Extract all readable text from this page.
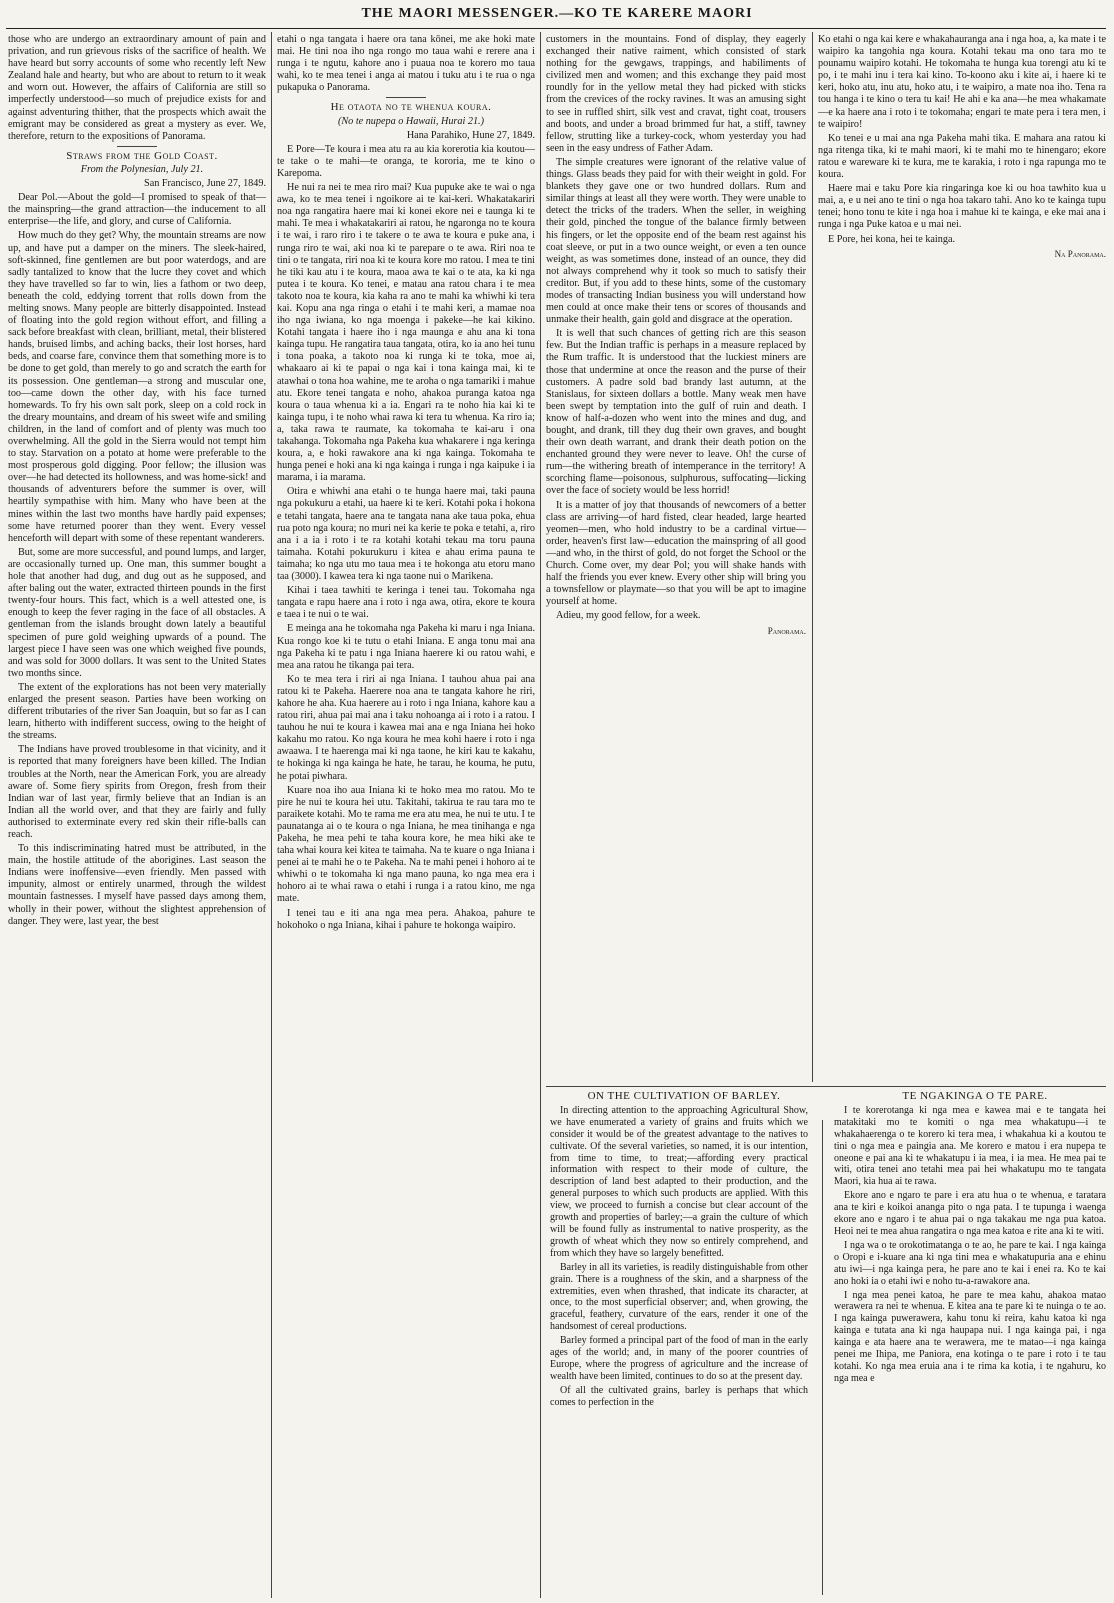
THE MAORI MESSENGER.—KO TE KARERE MAORI

those who are undergo an extraordinary amount of pain and privation, and run grievous risks of the sacrifice of health. We have heard but sorry accounts of some who recently left New Zealand hale and hearty, but who are about to return to it weak and worn out. However, the affairs of California are still so imperfectly understood—so much of prejudice exists for and against adventuring thither, that the prospects which await the emigrant may be considered as great a mystery as ever. We, therefore, return to the expositions of Panorama.

Straws from the Gold Coast.

From the Polynesian, July 21.

San Francisco, June 27, 1849.

Dear Pol.—About the gold—I promised to speak of that—the mainspring—the grand attraction—the inducement to all enterprise—the life, and glory, and curse of California.

How much do they get? Why, the mountain streams are now up, and have put a damper on the miners. The sleek-haired, soft-skinned, fine gentlemen are but poor waterdogs, and are sadly tantalized to know that the lucre they covet and which they have travelled so far to win, lies a fathom or two deep, beneath the cold, eddying torrent that rolls down from the melting snows. Many people are bitterly disappointed. Instead of floating into the gold region without effort, and filling a sack before breakfast with clean, brilliant, metal, their blistered hands, bruised limbs, and aching backs, their lost horses, hard beds, and coarse fare, convince them that something more is to be done to get gold, than merely to go and scratch the earth for its possession. One gentleman—a strong and muscular one, too—came down the other day, with his face turned homewards. To fry his own salt pork, sleep on a cold rock in the dreary mountains, and dream of his sweet wife and smiling children, in the land of comfort and of plenty was much too overwhelming. All the gold in the Sierra would not tempt him to stay. Starvation on a potato at home were preferable to the most prosperous gold digging. Poor fellow; the illusion was over—he had detected its hollowness, and was home-sick! and thousands of adventurers before the summer is over, will heartily sympathise with him. Many who have been at the mines within the last two months have hardly paid expenses; some have returned poorer than they went. Every vessel henceforth will depart with some of these repentant wanderers.

But, some are more successful, and pound lumps, and larger, are occasionally turned up. One man, this summer bought a hole that another had dug, and dug out as he supposed, and after baling out the water, extracted thirteen pounds in the first twenty-four hours. This fact, which is a well attested one, is enough to keep the fever raging in the face of all obstacles. A gentleman from the islands brought down lately a beautiful specimen of pure gold weighing upwards of a pound. The largest piece I have seen was one which weighed five pounds, and was sold for 3000 dollars. It was sent to the United States two months since.

The extent of the explorations has not been very materially enlarged the present season. Parties have been working on different tributaries of the river San Joaquin, but so far as I can learn, hitherto with indifferent success, owing to the height of the streams.

The Indians have proved troublesome in that vicinity, and it is reported that many foreigners have been killed. The Indian troubles at the North, near the American Fork, you are already aware of. Some fiery spirits from Oregon, fresh from their Indian war of last year, firmly believe that an Indian is an Indian all the world over, and that they are fairly and fully authorised to exterminate every red skin their rifle-balls can reach.

To this indiscriminating hatred must be attributed, in the main, the hostile attitude of the aborigines. Last season the Indians were inoffensive—even friendly. Men passed with impunity, almost or entirely unarmed, through the wildest mountain fastnesses. I myself have passed days among them, wholly in their power, without the slightest apprehension of danger. They were, last year, the best

etahi o nga tangata i haere ora tana kōnei, me ake hoki mate mai. He tini noa iho nga rongo mo taua wahi e rerere ana i runga i te ngutu, kahore ano i puaua noa te korero mo taua wahi, ko te mea tenei i anga ai matou i tuku atu i te rua o nga pukapuka o Panorama.

He otaota no te whenua koura.

(No te nupepa o Hawaii, Hurai 21.)

Hana Parahiko, Hune 27, 1849.

E Pore—Te koura i mea atu ra au kia korerotia kia koutou—te take o te mahi—te oranga, te kororia, me te kino o Karepoma.

He nui ra nei te mea riro mai? Kua pupuke ake te wai o nga awa, ko te mea tenei i ngoikore ai te kai-keri. Whakatakariri noa nga rangatira haere mai ki konei ekore nei e taunga ki te mahi. Te mea i whakatakariri ai ratou, he ngaronga no te koura i te wai, i raro riro i te takere o te awa te koura e puke ana, i runga riro te wai, aki noa ki te parepare o te awa. Riri noa te tini o te tangata, riri noa ki te koura kore mo ratou. I mea te tini he tiki kau atu i te koura, maoa awa te kai o te ata, ka ki nga putea i te koura. Ko tenei, e matau ana ratou chara i te mea takoto noa te koura, kia kaha ra ano te mahi ka whiwhi ki tera kai. Kopu ana nga ringa o etahi i te mahi keri, a mamae noa iho nga iwiana, ko nga moenga i pakeke—he kai kikino. Kotahi tangata i haere iho i nga maunga e ahu ana ki tona kainga tupu. He rangatira taua tangata, otira, ko ia ano hei tunu i tona poaka, a takoto noa ki runga ki te toka, moe ai, whakaaro ai ki te papai o nga kai i tona kainga mai, ki te atawhai o tona hoa wahine, me te aroha o nga tamariki i mahue atu. Ekore tenei tangata e noho, ahakoa puranga katoa nga koura o taua whenua ki a ia. Engari ra te noho hia kai ki te kainga tupu, i te noho whai rawa ki tera tu whenua. Ka riro ia; a, taka rawa te raumate, ka tokomaha te kai-aru i ona takahanga. Tokomaha nga Pakeha kua whakarere i nga keringa koura, a, e hoki rawakore ana ki nga kainga. Tokomaha te hunga penei e hoki ana ki nga kainga i runga i nga kaipuke i ia marama, i ia marama.

Otira e whiwhi ana etahi o te hunga haere mai, taki pauna nga pokukuru a etahi, ua haere ki te keri. Kotahi poka i hokona e tetahi tangata, haere ana te tangata nana ake taua poka, ehua rua poto nga koura; no muri nei ka kerie te poka e tetahi, a, riro ana i a ia i roto i te ra kotahi kotahi tekau ma toru pauna taimaha. Kotahi pokurukuru i kitea e ahau erima pauna te taimaha; ko nga utu mo taua mea i te hokonga atu etoru mano taa (3000). I kawea tera ki nga taone nui o Marikena.

Kihai i taea tawhiti te keringa i tenei tau. Tokomaha nga tangata e rapu haere ana i roto i nga awa, otira, ekore te koura e taea i te nui o te wai.

E meinga ana he tokomaha nga Pakeha ki maru i nga Iniana. Kua rongo koe ki te tutu o etahi Iniana. E anga tonu mai ana nga Pakeha ki te patu i nga Iniana haerere ki ou ratou wahi, e mea ana ratou he tikanga pai tera.

Ko te mea tera i riri ai nga Iniana. I tauhou ahua pai ana ratou ki te Pakeha. Haerere noa ana te tangata kahore he riri, kahore he aha. Kua haerere au i roto i nga Iniana, kahore kau a ratou riri, ahua pai mai ana i taku nohoanga ai i roto i a ratou. I tauhou he nui te koura i kawea mai ana e nga Iniana hei hoko kakahu mo ratou. Ko nga koura he mea kohi haere i roto i nga awaawa. I te haerenga mai ki nga taone, he kiri kau te kakahu, te hokinga ki nga kainga he hate, he tarau, he kouma, he putu, he potai piwhara.

Kuare noa iho aua Iniana ki te hoko mea mo ratou. Mo te pire he nui te koura hei utu. Takitahi, takirua te rau tara mo te paraikete kotahi. Mo te rama me era atu mea, he nui te utu. I te paunatanga ai o te koura o nga Iniana, he mea tinihanga e nga Pakeha, he mea pehi te taha koura kore, he mea hiki ake te taha whai koura kei kitea te taimaha. Na te kuare o nga Iniana i penei ai te mahi he o te Pakeha. Na te mahi penei i hohoro ai te whiwhi o te tokomaha ki nga mano pauna, ko nga mea era i hohoro ai te whai rawa o etahi i runga i a ratou kino, me nga mate.

I tenei tau e iti ana nga mea pera. Ahakoa, pahure te hokohoko o nga Iniana, kihai i pahure te hokonga waipiro.

customers in the mountains. Fond of display, they eagerly exchanged their native raiment, which consisted of stark nothing for the gewgaws, trappings, and habiliments of civilized men and women; and this exchange they paid most roundly for in the yellow metal they had picked with sticks from the crevices of the rocky ravines. It was an amusing sight to see in ruffled shirt, silk vest and cravat, tight coat, trousers and boots, and under a broad brimmed fur hat, a stiff, tawney fellow, strutting like a turkey-cock, whom yesterday you had seen in the easy undress of Father Adam.

The simple creatures were ignorant of the relative value of things. Glass beads they paid for with their weight in gold. For blankets they gave one or two hundred dollars. Rum and similar things at least all they were worth. They were unable to detect the tricks of the traders. When the seller, in weighing their gold, pinched the tongue of the balance firmly between his fingers, or let the opposite end of the beam rest against his coat sleeve, or put in a two ounce weight, or even a ten ounce weight, as was sometimes done, instead of an ounce, they did not always comprehend why it took so much to satisfy their creditor. But, if you add to these hints, some of the customary modes of transacting Indian business you will understand how men could at once make their tens or scores of thousands and unmake their health, gain gold and disgrace at the operation.

It is well that such chances of getting rich are this season few. But the Indian traffic is perhaps in a measure replaced by the Rum traffic. It is understood that the luckiest miners are those that undermine at once the reason and the purse of their customers. A padre sold bad brandy last autumn, at the Stanislaus, for sixteen dollars a bottle. Many weak men have been swept by temptation into the gulf of ruin and death. I know of half-a-dozen who went into the mines and dug, and bought, and drank, till they dug their own graves, and bought their own death warrant, and drank their death potion on the enchanted ground they were never to leave. Oh! the curse of rum—the withering breath of intemperance in the territory! A scorching flame—poisonous, sulphurous, suffocating—licking over the face of society would be less horrid!

It is a matter of joy that thousands of newcomers of a better class are arriving—of hard fisted, clear headed, large hearted yeomen—men, who hold industry to be a cardinal virtue—order, heaven's first law—education the mainspring of all good—and who, in the thirst of gold, do not forget the School or the Church. Come over, my dear Pol; you will shake hands with half the friends you ever knew. Every other ship will bring you a townsfellow or playmate—so that you will be apt to imagine yourself at home.

Adieu, my good fellow, for a week.

Panorama.

Ko etahi o nga kai kere e whakahauranga ana i nga hoa, a, ka mate i te waipiro ka tangohia nga koura. Kotahi tekau ma ono tara mo te pounamu waipiro kotahi. He tokomaha te hunga kua torengi atu ki te po, i te mahi inu i tera kai kino. To-koono aku i kite ai, i haere ki te keri, hoko atu, inu atu, hoko atu, i te waipiro, a mate noa iho. Tena ra tou hanga i te kino o tera tu kai! He ahi e ka ana—he mea whakamate—e ka haere ana i roto i te tokomaha; engari te mate pera i tera men, i te waipiro!

Ko tenei e u mai ana nga Pakeha mahi tika. E mahara ana ratou ki nga ritenga tika, ki te mahi maori, ki te mahi mo te hinengaro; ekore ratou e wareware ki te kura, me te karakia, i roto i nga rapunga mo te koura.

Haere mai e taku Pore kia ringaringa koe ki ou hoa tawhito kua u mai, a, e u nei ano te tini o nga hoa takaro tahi. Ano ko te kainga tupu tenei; hono tonu te kite i nga hoa i mahue ki te kainga, e eke mai ana i runga i nga Puke katoa e u mai nei.

E Pore, hei kona, hei te kainga.

Na Panorama.

ON THE CULTIVATION OF BARLEY.

In directing attention to the approaching Agricultural Show, we have enumerated a variety of grains and fruits which we consider it would be of the greatest advantage to the natives to cultivate. Of the several varieties, so named, it is our intention, from time to time, to treat;—affording every practical information with respect to their mode of culture, the description of land best adapted to their production, and the general purposes to which such products are applied. With this view, we proceed to furnish a concise but clear account of the growth and properties of barley;—a grain the culture of which will be found fully as instrumental to native prosperity, as the growth of wheat which they now so entirely comprehend, and from which they have so largely benefitted.

Barley in all its varieties, is readily distinguishable from other grain. There is a roughness of the skin, and a sharpness of the extremities, even when thrashed, that indicate its character, at once, to the most superficial observer; and, when growing, the graceful, feathery, curvature of the ears, render it one of the handsomest of cereal productions.

Barley formed a principal part of the food of man in the early ages of the world; and, in many of the poorer countries of Europe, where the progress of agriculture and the increase of wealth have been limited, continues to do so at the present day.

Of all the cultivated grains, barley is perhaps that which comes to perfection in the

TE NGAKINGA O TE PARE.

I te korerotanga ki nga mea e kawea mai e te tangata hei matakitaki mo te komiti o nga mea whakatupu—i te whakahaerenga o te korero ki tera mea, i whakahua ki a koutou te tini o nga mea e paingia ana. Me korero e matou i era nupepa te oneone e pai ana ki te whakatupu i ia mea, i ia mea. He mea pai te witi, otira tenei ano tetahi mea pai hei whakatupu mo te tangata Maori, kia hua ai te rawa.

Ekore ano e ngaro te pare i era atu hua o te whenua, e taratara ana te kiri e koikoi ananga pito o nga pata. I te tupunga i waenga ekore ano e ngaro i te ahua pai o nga takakau me nga pua katoa. Heoi nei te mea ahua rangatira o nga mea katoa e rite ana ki te witi.

I nga wa o te orokotimatanga o te ao, he pare te kai. I nga kainga o Oropi e i-kuare ana ki nga tini mea e whakatupuria ana e ehinu atu iwi—i nga kainga pera, he pare ano te kai i enei ra. Ko te kai ano hoki ia o etahi iwi e noho tu-a-rawakore ana.

I nga mea penei katoa, he pare te mea kahu, ahakoa matao werawera ra nei te whenua. E kitea ana te pare ki te nuinga o te ao. I nga kainga puwerawera, kahu tonu ki reira, kahu katoa ki nga kainga e tutata ana ki nga haupapa nui. I nga kainga pai, i nga kainga e ata haere ana te werawera, me te matao—i nga kainga penei me Ihipa, me Paniora, ena kotinga o te pare i roto i te tau kotahi. Ko nga mea eruia ana i te rima ka kotia, i te ngahuru, ko nga mea e
